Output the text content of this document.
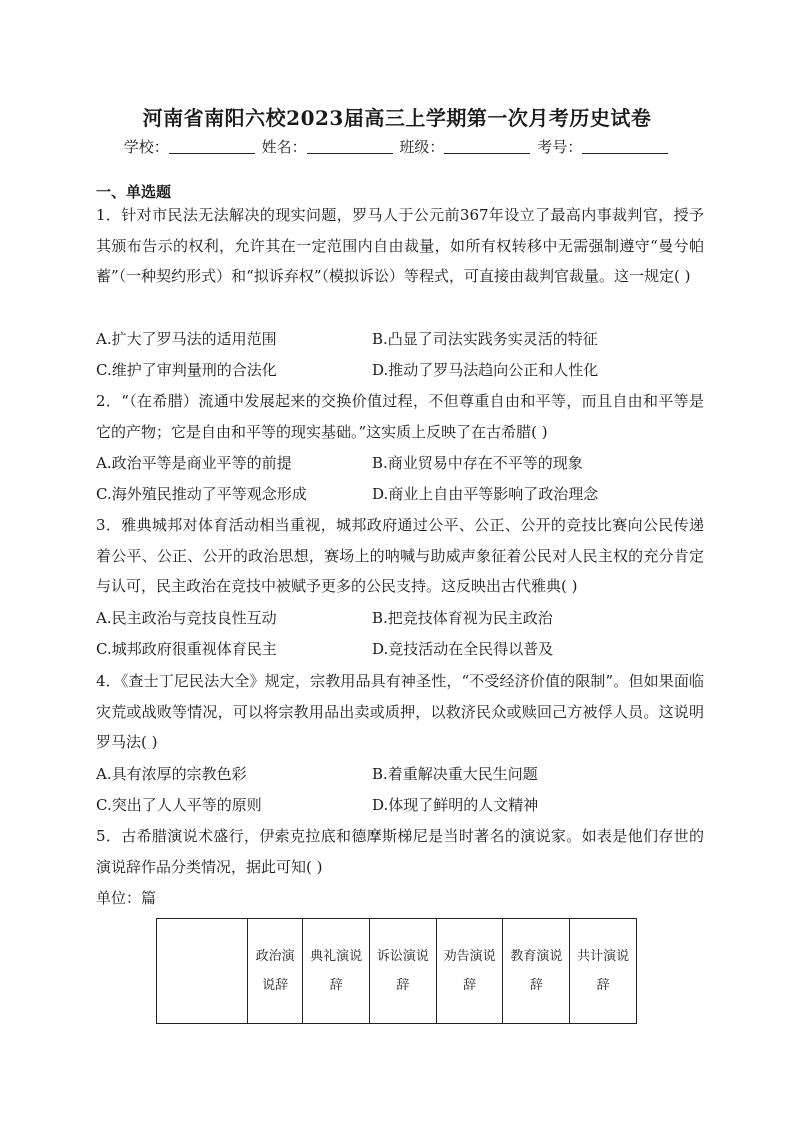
河南省南阳六校2023届高三上学期第一次月考历史试卷
学校：	姓名：	班级：	考号：
一、单选题
1．针对市民法无法解决的现实问题，罗马人于公元前367年设立了最高内事裁判官，授予其颁布告示的权利，允许其在一定范围内自由裁量，如所有权转移中无需强制遵守“曼兮帕蓄”（一种契约形式）和“拟诉弃权”（模拟诉讼）等程式，可直接由裁判官裁量。这一规定( )
A.扩大了罗马法的适用范围	B.凸显了司法实践务实灵活的特征
C.维护了审判量刑的合法化	D.推动了罗马法趋向公正和人性化
2．“（在希腊）流通中发展起来的交换价值过程，不但尊重自由和平等，而且自由和平等是它的产物；它是自由和平等的现实基础。”这实质上反映了在古希腊( )
A.政治平等是商业平等的前提	B.商业贸易中存在不平等的现象
C.海外殖民推动了平等观念形成	D.商业上自由平等影响了政治理念
3．雅典城邦对体育活动相当重视，城邦政府通过公平、公正、公开的竞技比赛向公民传递着公平、公正、公开的政治思想，赛场上的呐喊与助威声象征着公民对人民主权的充分肯定与认可，民主政治在竞技中被赋予更多的公民支持。这反映出古代雅典( )
A.民主政治与竞技良性互动	B.把竞技体育视为民主政治
C.城邦政府很重视体育民主	D.竞技活动在全民得以普及
4．《查士丁尼民法大全》规定，宗教用品具有神圣性，“不受经济价值的限制”。但如果面临灾荒或战败等情况，可以将宗教用品出卖或质押，以救济民众或赎回己方被俘人员。这说明罗马法( )
A.具有浓厚的宗教色彩	B.着重解决重大民生问题
C.突出了人人平等的原则	D.体现了鲜明的人文精神
5．古希腊演说术盛行，伊索克拉底和德摩斯梯尼是当时著名的演说家。如表是他们存世的演说辞作品分类情况，据此可知( )
单位：篇
	政治演说辞	典礼演说辞	诉讼演说辞	劝告演说辞	教育演说辞	共计演说辞
